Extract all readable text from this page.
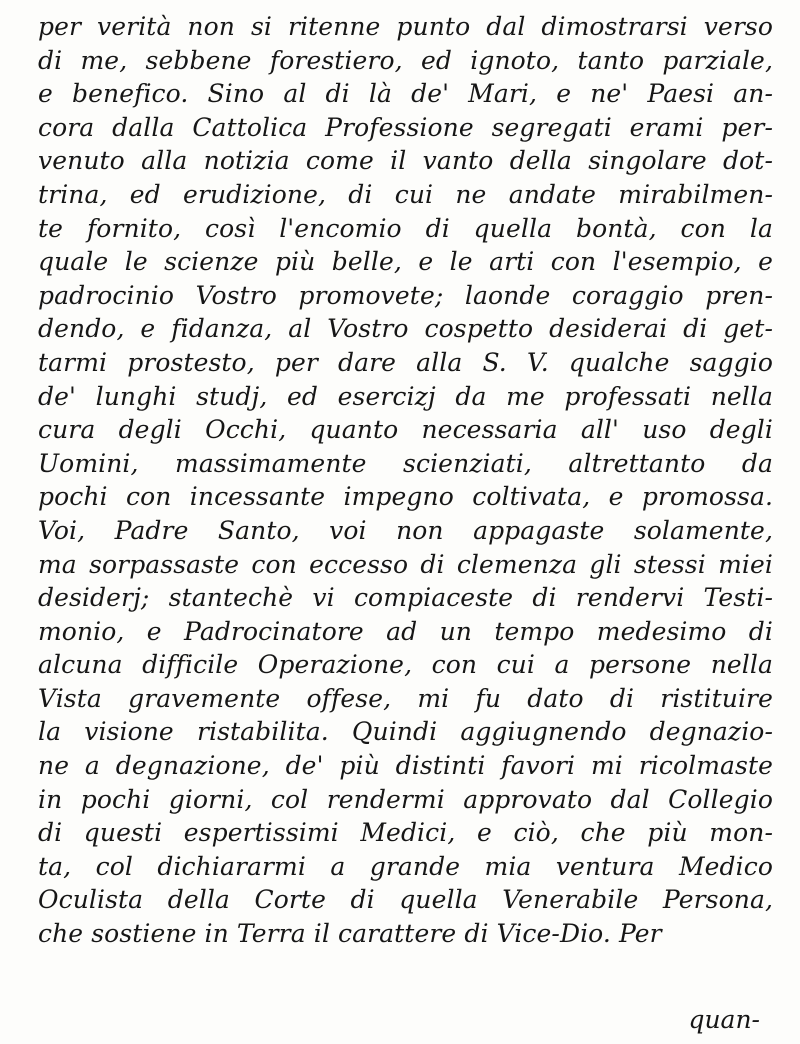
per verità non si ritenne punto dal dimostrarsi verso
di me, sebbene forestiero, ed ignoto, tanto parziale,
e benefico. Sino al di là de' Mari, e ne' Paesi an-
cora dalla Cattolica Professione segregati erami per-
venuto alla notizia come il vanto della singolare dot-
trina, ed erudizione, di cui ne andate mirabilmen-
te fornito, così l'encomio di quella bontà, con la
quale le scienze più belle, e le arti con l'esempio, e
padrocinio Vostro promovete; laonde coraggio pren-
dendo, e fidanza, al Vostro cospetto desiderai di get-
tarmi prostesto, per dare alla S. V. qualche saggio
de' lunghi studj, ed esercizj da me professati nella
cura degli Occhi, quanto necessaria all' uso degli
Uomini, massimamente scienziati, altrettanto da
pochi con incessante impegno coltivata, e promossa.
Voi, Padre Santo, voi non appagaste solamente,
ma sorpassaste con eccesso di clemenza gli stessi miei
desiderj; stantechè vi compiaceste di rendervi Testi-
monio, e Padrocinatore ad un tempo medesimo di
alcuna difficile Operazione, con cui a persone nella
Vista gravemente offese, mi fu dato di ristituire
la visione ristabilita. Quindi aggiugnendo degnazio-
ne a degnazione, de' più distinti favori mi ricolmaste
in pochi giorni, col rendermi approvato dal Collegio
di questi espertissimi Medici, e ciò, che più mon-
ta, col dichiararmi a grande mia ventura Medico
Oculista della Corte di quella Venerabile Persona,
che sostiene in Terra il carattere di Vice-Dio. Per
quan-
